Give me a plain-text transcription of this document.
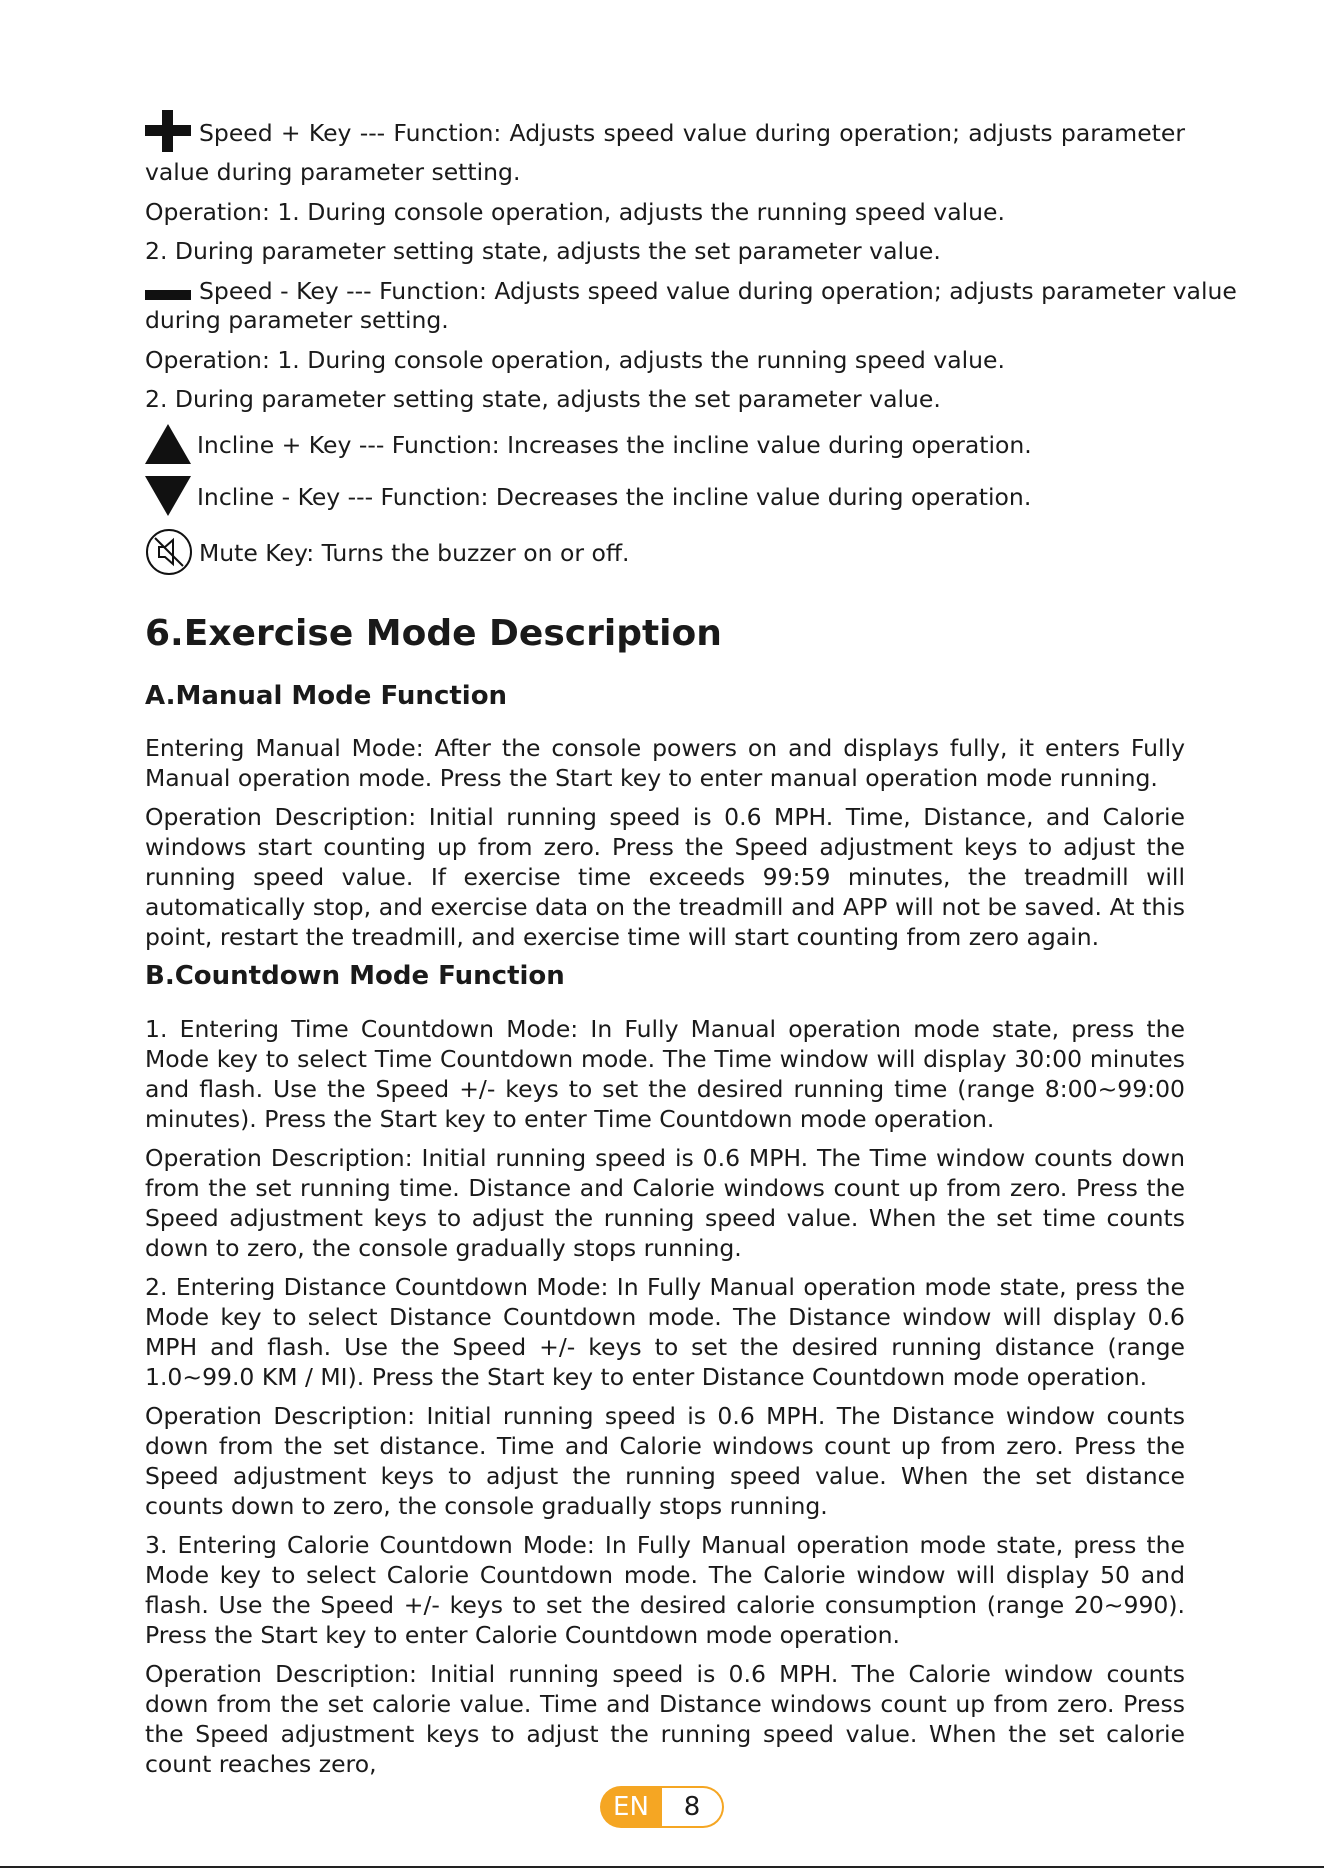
Speed + Key --- Function: Adjusts speed value during operation; adjusts parameter
value during parameter setting.
Operation: 1. During console operation, adjusts the running speed value.
2. During parameter setting state, adjusts the set parameter value.
Speed - Key --- Function: Adjusts speed value during operation; adjusts parameter value
during parameter setting.
Operation: 1. During console operation, adjusts the running speed value.
2. During parameter setting state, adjusts the set parameter value.
Incline + Key --- Function: Increases the incline value during operation.
Incline - Key --- Function: Decreases the incline value during operation.
Mute Key: Turns the buzzer on or off.
6.Exercise Mode Description
A.Manual Mode Function

Entering Manual Mode: After the console powers on and displays fully, it enters Fully Manual operation mode. Press the Start key to enter manual operation mode running.

Operation Description: Initial running speed is 0.6 MPH. Time, Distance, and Calorie windows start counting up from zero. Press the Speed adjustment keys to adjust the running speed value. If exercise time exceeds 99:59 minutes, the treadmill will automatically stop, and exercise data on the treadmill and APP will not be saved. At this point, restart the treadmill, and exercise time will start counting from zero again.

B.Countdown Mode Function

1. Entering Time Countdown Mode: In Fully Manual operation mode state, press the Mode key to select Time Countdown mode. The Time window will display 30:00 minutes and flash. Use the Speed +/- keys to set the desired running time (range 8:00~99:00 minutes). Press the Start key to enter Time Countdown mode operation.

Operation Description: Initial running speed is 0.6 MPH. The Time window counts down from the set running time. Distance and Calorie windows count up from zero. Press the Speed adjustment keys to adjust the running speed value. When the set time counts down to zero, the console gradually stops running.

2. Entering Distance Countdown Mode: In Fully Manual operation mode state, press the Mode key to select Distance Countdown mode. The Distance window will display 0.6 MPH and flash. Use the Speed +/- keys to set the desired running distance (range 1.0~99.0 KM / MI). Press the Start key to enter Distance Countdown mode operation.

Operation Description: Initial running speed is 0.6 MPH. The Distance window counts down from the set distance. Time and Calorie windows count up from zero. Press the Speed adjustment keys to adjust the running speed value. When the set distance counts down to zero, the console gradually stops running.

3. Entering Calorie Countdown Mode: In Fully Manual operation mode state, press the Mode key to select Calorie Countdown mode. The Calorie window will display 50 and flash. Use the Speed +/- keys to set the desired calorie consumption (range 20~990). Press the Start key to enter Calorie Countdown mode operation.

Operation Description: Initial running speed is 0.6 MPH. The Calorie window counts down from the set calorie value. Time and Distance windows count up from zero. Press the Speed adjustment keys to adjust the running speed value. When the set calorie count reaches zero,

EN	8
